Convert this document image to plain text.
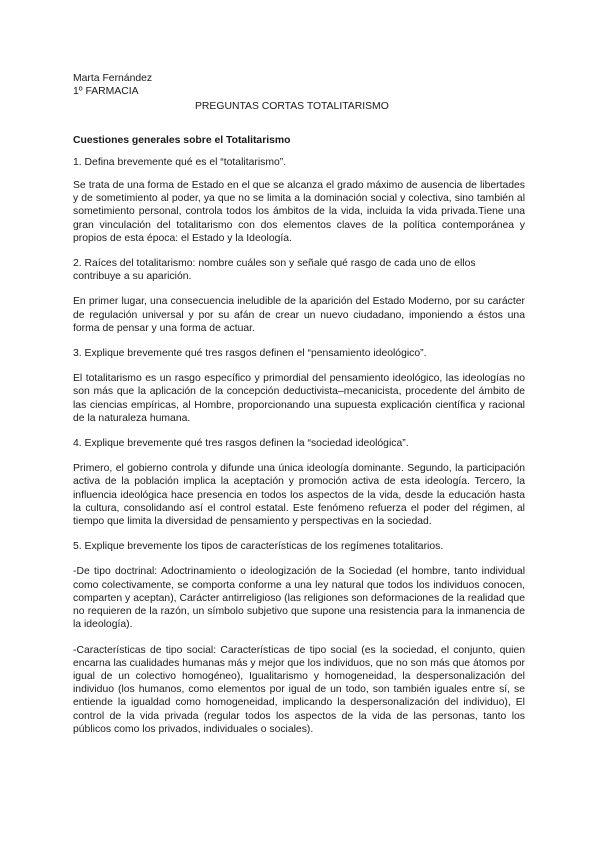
Marta Fernández

1º FARMACIA

PREGUNTAS CORTAS TOTALITARISMO

Cuestiones generales sobre el Totalitarismo

1. Defina brevemente qué es el “totalitarismo”.

Se trata de una forma de Estado en el que se alcanza el grado máximo de ausencia de libertades y de sometimiento al poder, ya que no se limita a la dominación social y colectiva, sino también al sometimiento personal, controla todos los ámbitos de la vida, incluida la vida privada.Tiene una gran vinculación del totalitarismo con dos elementos claves de la política contemporánea y propios de esta época: el Estado y la Ideología.

2. Raíces del totalitarismo: nombre cuáles son y señale qué rasgo de cada uno de ellos contribuye a su aparición.

En primer lugar, una consecuencia ineludible de la aparición del Estado Moderno, por su carácter de regulación universal y por su afán de crear un nuevo ciudadano, imponiendo a éstos una forma de pensar y una forma de actuar.

3. Explique brevemente qué tres rasgos definen el “pensamiento ideológico”.

El totalitarismo es un rasgo específico y primordial del pensamiento ideológico, las ideologías no son más que la aplicación de la concepción deductivista–mecanicista, procedente del ámbito de las ciencias empíricas, al Hombre, proporcionando una supuesta explicación científica y racional de la naturaleza humana.

4. Explique brevemente qué tres rasgos definen la “sociedad ideológica”.

Primero, el gobierno controla y difunde una única ideología dominante. Segundo, la participación activa de la población implica la aceptación y promoción activa de esta ideología. Tercero, la influencia ideológica hace presencia en todos los aspectos de la vida, desde la educación hasta la cultura, consolidando así el control estatal. Este fenómeno refuerza el poder del régimen, al tiempo que limita la diversidad de pensamiento y perspectivas en la sociedad.

5. Explique brevemente los tipos de características de los regímenes totalitarios.

-De tipo doctrinal: Adoctrinamiento o ideologización de la Sociedad (el hombre, tanto individual como colectivamente, se comporta conforme a una ley natural que todos los individuos conocen, comparten y aceptan), Carácter antirreligioso (las religiones son deformaciones de la realidad que no requieren de la razón, un símbolo subjetivo que supone una resistencia para la inmanencia de la ideología).

-Características de tipo social: Características de tipo social (es la sociedad, el conjunto, quien encarna las cualidades humanas más y mejor que los individuos, que no son más que átomos por igual de un colectivo homogéneo), Igualitarismo y homogeneidad, la despersonalización del individuo (los humanos, como elementos por igual de un todo, son también iguales entre sí, se entiende la igualdad como homogeneidad, implicando la despersonalización del individuo), El control de la vida privada (regular todos los aspectos de la vida de las personas, tanto los públicos como los privados, individuales o sociales).
